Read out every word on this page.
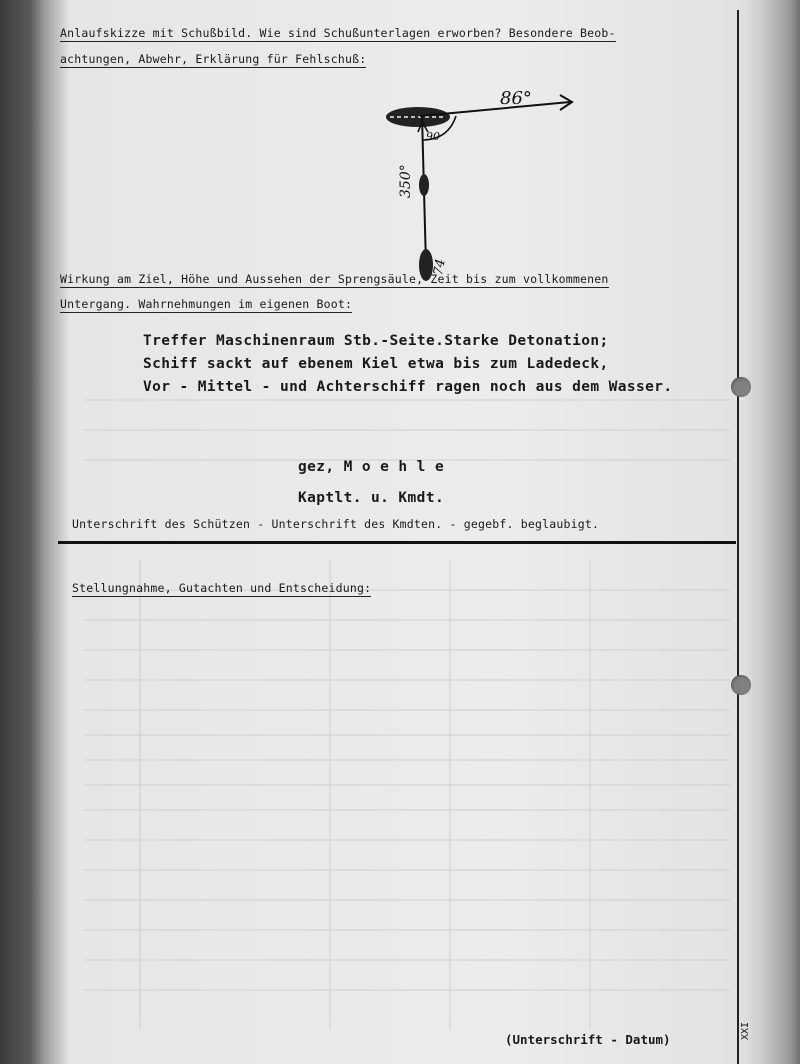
Anlaufskizze mit Schußbild. Wie sind Schußunterlagen erworben? Besondere Beob-
achtungen, Abwehr, Erklärung für Fehlschuß:
86°
90
350°
74
Wirkung am Ziel, Höhe und Aussehen der Sprengsäule, Zeit bis zum vollkommenen
Untergang. Wahrnehmungen im eigenen Boot:
Treffer Maschinenraum Stb.-Seite.Starke Detonation;
Schiff sackt auf ebenem Kiel etwa bis zum Ladedeck,
Vor - Mittel - und Achterschiff ragen noch aus dem Wasser.
gez, M o e h l e
Kaptlt. u. Kmdt.
Unterschrift des Schützen - Unterschrift des Kmdten. - gegebf. beglaubigt.
Stellungnahme, Gutachten und Entscheidung:
(Unterschrift - Datum)	XXI
